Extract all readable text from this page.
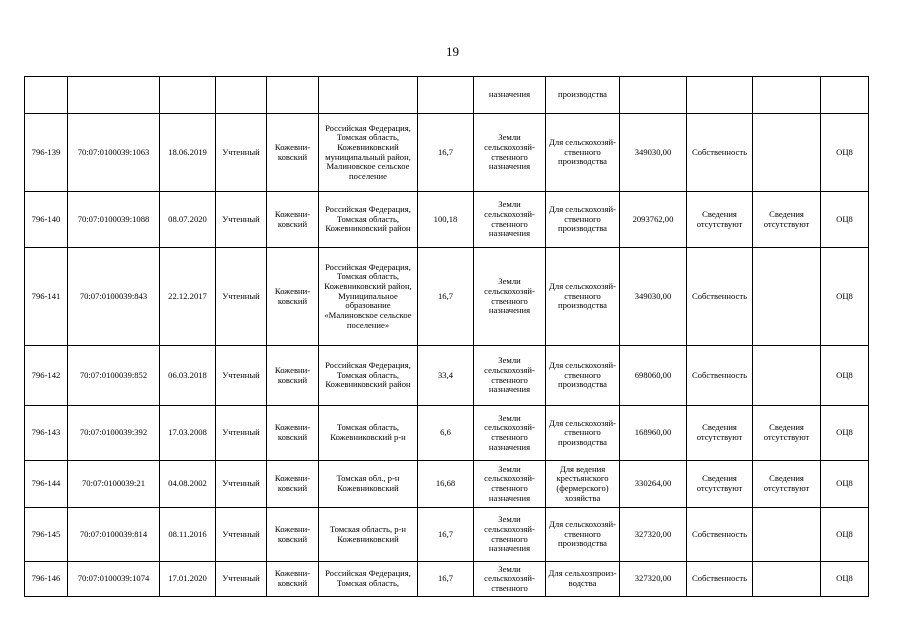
19
							назначения	производства				
796-139	70:07:0100039:1063	18.06.2019	Учтенный	Кожевни-ковский	Российская Федерация, Томская область, Кожевниковский муниципальный район, Малиновское сельское поселение	16,7	Земли сельскохозяй-ственного назначения	Для сельскохозяй-ственного производства	349030,00	Собственность		ОЦ8
796-140	70:07:0100039:1088	08.07.2020	Учтенный	Кожевни-ковский	Российская Федерация, Томская область, Кожевниковский район	100,18	Земли сельскохозяй-ственного назначения	Для сельскохозяй-ственного производства	2093762,00	Сведения отсутствуют	Сведения отсутствуют	ОЦ8
796-141	70:07:0100039:843	22.12.2017	Учтенный	Кожевни-ковский	Российская Федерация, Томская область, Кожевниковский район, Муниципальное образование «Малиновское сельское поселение»	16,7	Земли сельскохозяй-ственного назначения	Для сельскохозяй-ственного производства	349030,00	Собственность		ОЦ8
796-142	70:07:0100039:852	06.03.2018	Учтенный	Кожевни-ковский	Российская Федерация, Томская область, Кожевниковский район	33,4	Земли сельскохозяй-ственного назначения	Для сельскохозяй-ственного производства	698060,00	Собственность		ОЦ8
796-143	70:07:0100039:392	17.03.2008	Учтенный	Кожевни-ковский	Томская область, Кожевниковский р-н	6,6	Земли сельскохозяй-ственного назначения	Для сельскохозяй-ственного производства	168960,00	Сведения отсутствуют	Сведения отсутствуют	ОЦ8
796-144	70:07:0100039:21	04.08.2002	Учтенный	Кожевни-ковский	Томская обл., р-н Кожевниковский	16,68	Земли сельскохозяй-ственного назначения	Для ведения крестьянского (фермерского) хозяйства	330264,00	Сведения отсутствуют	Сведения отсутствуют	ОЦ8
796-145	70:07:0100039:814	08.11.2016	Учтенный	Кожевни-ковский	Томская область, р-н Кожевниковский	16,7	Земли сельскохозяй-ственного назначения	Для сельскохозяй-ственного производства	327320,00	Собственность		ОЦ8
796-146	70:07:0100039:1074	17.01.2020	Учтенный	Кожевни-ковский	Российская Федерация, Томская область,	16,7	Земли сельскохозяй-ственного	Для сельхозпроиз-водства	327320,00	Собственность		ОЦ8
